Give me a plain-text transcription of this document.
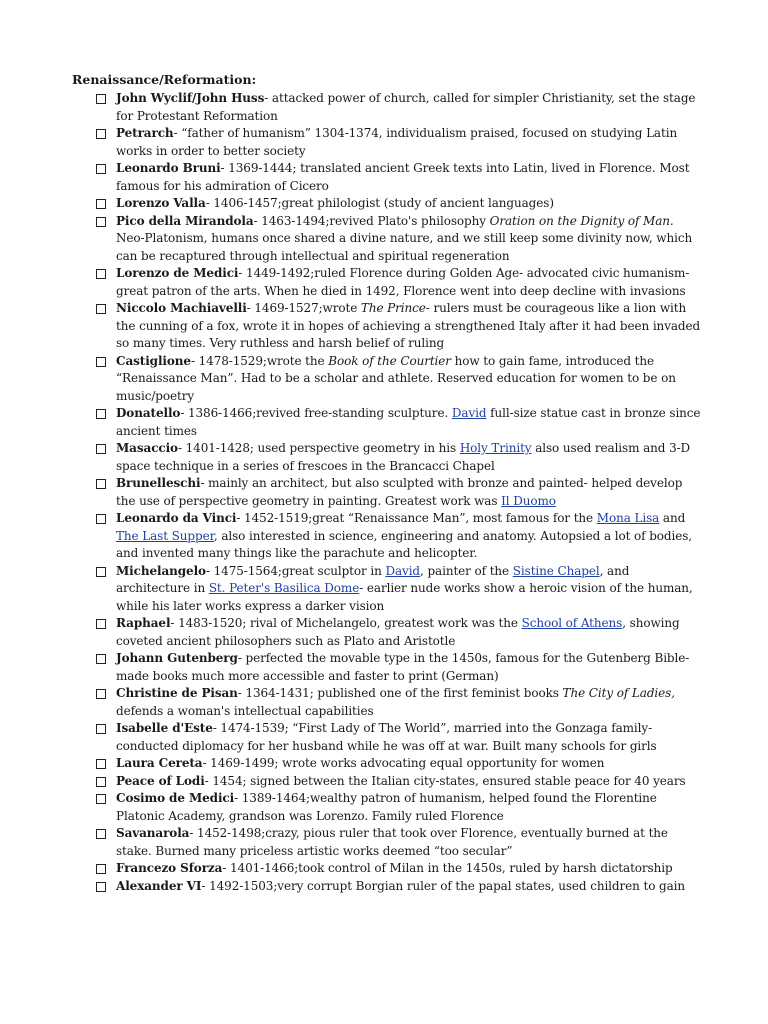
Renaissance/Reformation:
John Wyclif/John Huss- attacked power of church, called for simpler Christianity, set the stage for Protestant Reformation
Petrarch- “father of humanism” 1304-1374, individualism praised, focused on studying Latin works in order to better society
Leonardo Bruni- 1369-1444; translated ancient Greek texts into Latin, lived in Florence. Most famous for his admiration of Cicero
Lorenzo Valla- 1406-1457;great philologist (study of ancient languages)
Pico della Mirandola- 1463-1494;revived Plato's philosophy Oration on the Dignity of Man. Neo-Platonism, humans once shared a divine nature, and we still keep some divinity now, which can be recaptured through intellectual and spiritual regeneration
Lorenzo de Medici- 1449-1492;ruled Florence during Golden Age- advocated civic humanism- great patron of the arts. When he died in 1492, Florence went into deep decline with invasions
Niccolo Machiavelli- 1469-1527;wrote The Prince- rulers must be courageous like a lion with the cunning of a fox, wrote it in hopes of achieving a strengthened Italy after it had been invaded so many times. Very ruthless and harsh belief of ruling
Castiglione- 1478-1529;wrote the Book of the Courtier how to gain fame, introduced the “Renaissance Man”. Had to be a scholar and athlete. Reserved education for women to be on music/poetry
Donatello- 1386-1466;revived free-standing sculpture. David full-size statue cast in bronze since ancient times
Masaccio- 1401-1428; used perspective geometry in his Holy Trinity also used realism and 3-D space technique in a series of frescoes in the Brancacci Chapel
Brunelleschi- mainly an architect, but also sculpted with bronze and painted- helped develop the use of perspective geometry in painting. Greatest work was Il Duomo
Leonardo da Vinci- 1452-1519;great “Renaissance Man”, most famous for the Mona Lisa and The Last Supper, also interested in science, engineering and anatomy. Autopsied a lot of bodies, and invented many things like the parachute and helicopter.
Michelangelo- 1475-1564;great sculptor in David, painter of the Sistine Chapel, and architecture in St. Peter's Basilica Dome- earlier nude works show a heroic vision of the human, while his later works express a darker vision
Raphael- 1483-1520; rival of Michelangelo, greatest work was the School of Athens, showing coveted ancient philosophers such as Plato and Aristotle
Johann Gutenberg- perfected the movable type in the 1450s, famous for the Gutenberg Bible- made books much more accessible and faster to print (German)
Christine de Pisan- 1364-1431; published one of the first feminist books The City of Ladies, defends a woman's intellectual capabilities
Isabelle d'Este- 1474-1539; “First Lady of The World”, married into the Gonzaga family- conducted diplomacy for her husband while he was off at war. Built many schools for girls
Laura Cereta- 1469-1499; wrote works advocating equal opportunity for women
Peace of Lodi- 1454; signed between the Italian city-states, ensured stable peace for 40 years
Cosimo de Medici- 1389-1464;wealthy patron of humanism, helped found the Florentine Platonic Academy, grandson was Lorenzo. Family ruled Florence
Savanarola- 1452-1498;crazy, pious ruler that took over Florence, eventually burned at the stake. Burned many priceless artistic works deemed “too secular”
Francezo Sforza- 1401-1466;took control of Milan in the 1450s, ruled by harsh dictatorship
Alexander VI- 1492-1503;very corrupt Borgian ruler of the papal states, used children to gain
